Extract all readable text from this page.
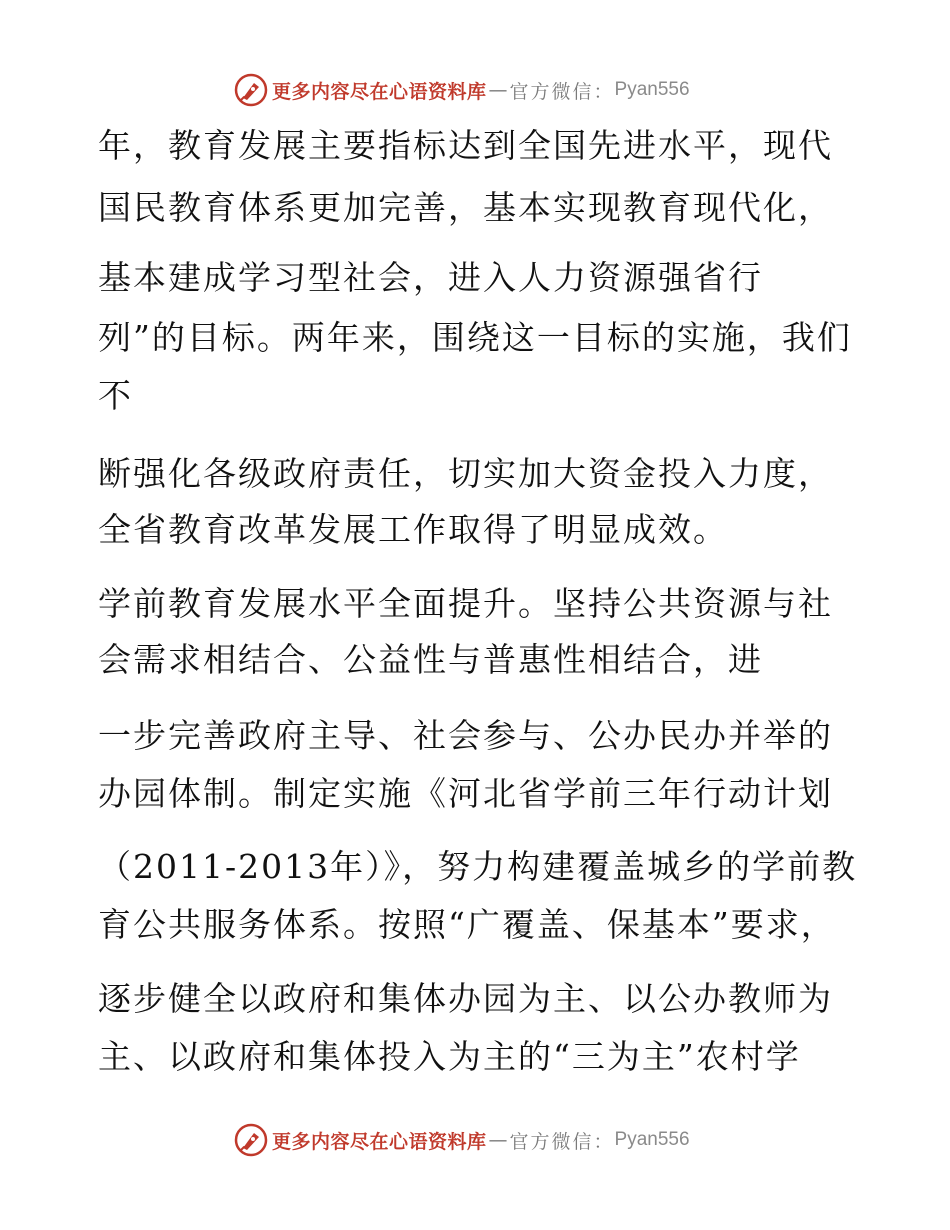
更多内容尽在心语资料库 — 官方微信： Pyan556
年，教育发展主要指标达到全国先进水平，现代
国民教育体系更加完善，基本实现教育现代化，
基本建成学习型社会，进入人力资源强省行
列”的目标。两年来，围绕这一目标的实施，我们
不
断强化各级政府责任，切实加大资金投入力度，
全省教育改革发展工作取得了明显成效。
学前教育发展水平全面提升。坚持公共资源与社
会需求相结合、公益性与普惠性相结合，进
一步完善政府主导、社会参与、公办民办并举的
办园体制。制定实施《河北省学前三年行动计划
（2011-2013年）》，努力构建覆盖城乡的学前教
育公共服务体系。按照“广覆盖、保基本”要求，
逐步健全以政府和集体办园为主、以公办教师为
主、以政府和集体投入为主的“三为主”农村学
更多内容尽在心语资料库 — 官方微信： Pyan556
